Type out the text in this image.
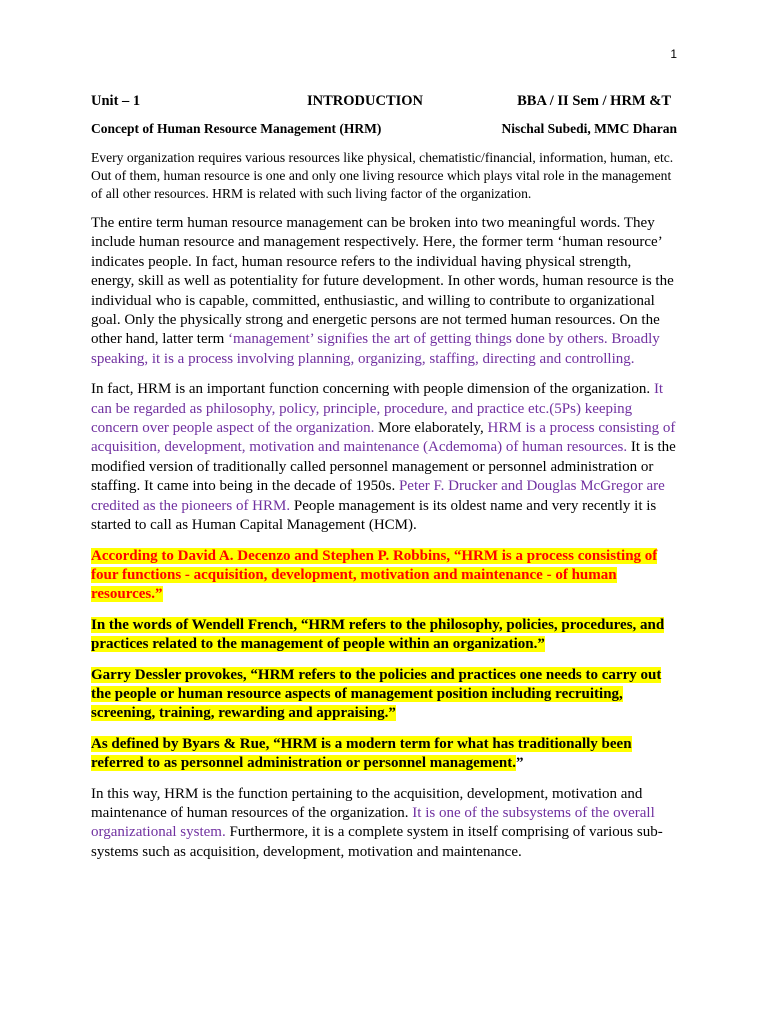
1
Unit – 1	INTRODUCTION	BBA / II Sem / HRM &T
Concept of Human Resource Management (HRM)	Nischal Subedi, MMC Dharan

Every organization requires various resources like physical, chematistic/financial, information, human, etc. Out of them, human resource is one and only one living resource which plays vital role in the management of all other resources. HRM is related with such living factor of the organization.

The entire term human resource management can be broken into two meaningful words. They include human resource and management respectively. Here, the former term ‘human resource’ indicates people. In fact, human resource refers to the individual having physical strength, energy, skill as well as potentiality for future development. In other words, human resource is the individual who is capable, committed, enthusiastic, and willing to contribute to organizational goal. Only the physically strong and energetic persons are not termed human resources. On the other hand, latter term ‘management’ signifies the art of getting things done by others. Broadly speaking, it is a process involving planning, organizing, staffing, directing and controlling.

In fact, HRM is an important function concerning with people dimension of the organization. It can be regarded as philosophy, policy, principle, procedure, and practice etc.(5Ps) keeping concern over people aspect of the organization. More elaborately, HRM is a process consisting of acquisition, development, motivation and maintenance (Acdemoma) of human resources. It is the modified version of traditionally called personnel management or personnel administration or staffing. It came into being in the decade of 1950s. Peter F. Drucker and Douglas McGregor are credited as the pioneers of HRM. People management is its oldest name and very recently it is started to call as Human Capital Management (HCM).

According to David A. Decenzo and Stephen P. Robbins, “HRM is a process consisting of four functions - acquisition, development, motivation and maintenance - of human resources.”

In the words of Wendell French, “HRM refers to the philosophy, policies, procedures, and practices related to the management of people within an organization.”

Garry Dessler provokes, “HRM refers to the policies and practices one needs to carry out the people or human resource aspects of management position including recruiting, screening, training, rewarding and appraising.”

As defined by Byars & Rue, “HRM is a modern term for what has traditionally been referred to as personnel administration or personnel management.”

In this way, HRM is the function pertaining to the acquisition, development, motivation and maintenance of human resources of the organization. It is one of the subsystems of the overall organizational system. Furthermore, it is a complete system in itself comprising of various sub-systems such as acquisition, development, motivation and maintenance.
